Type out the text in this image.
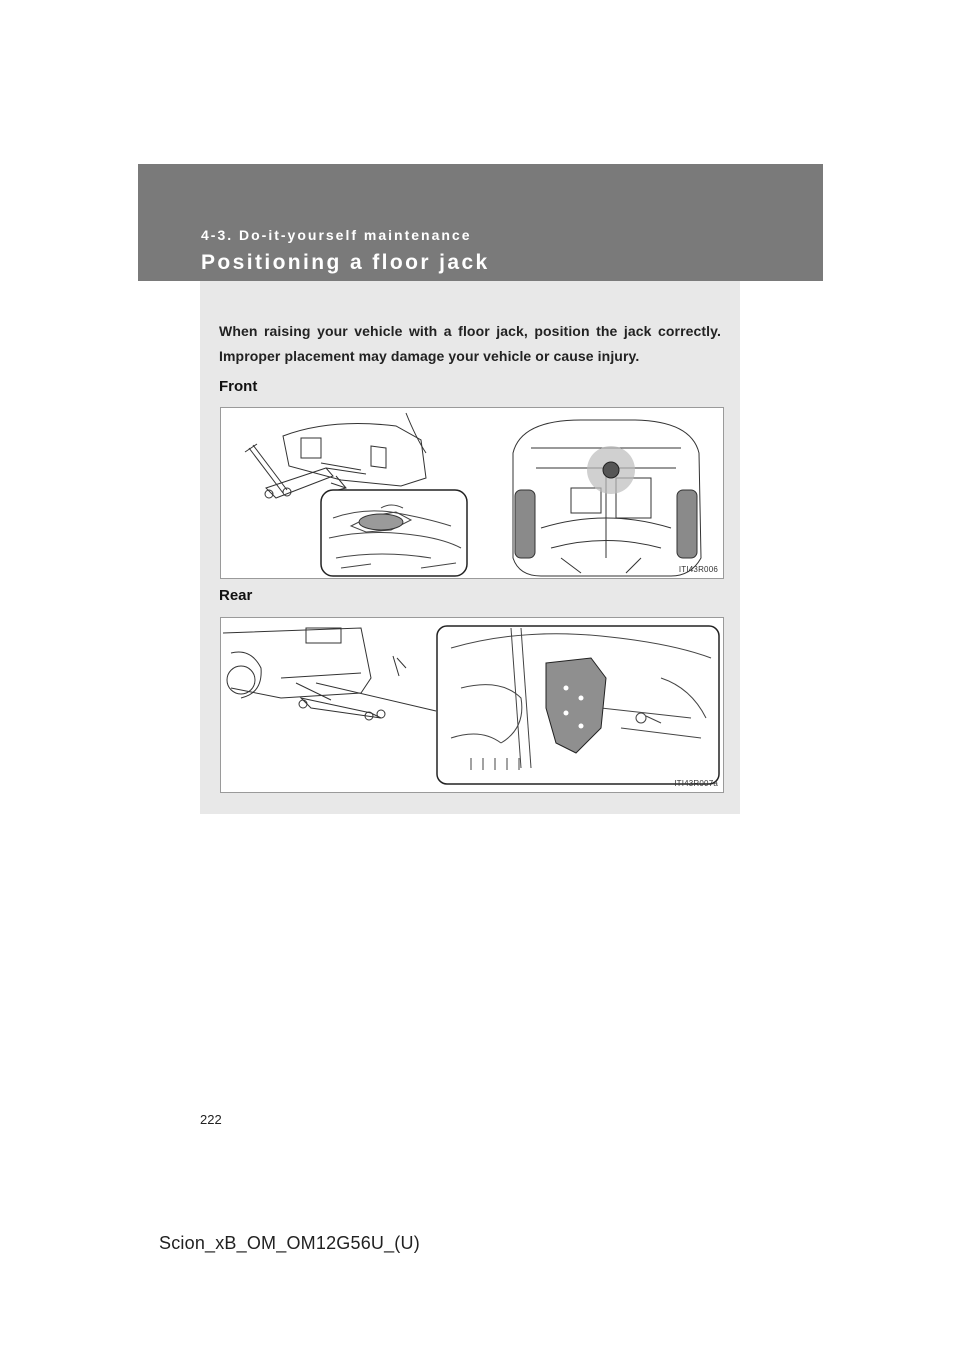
4-3. Do-it-yourself maintenance
Positioning a floor jack
When raising your vehicle with a floor jack, position the jack correctly. Improper placement may damage your vehicle or cause injury.
Front
ITI43R006
Rear
ITI43R007a
222
Scion_xB_OM_OM12G56U_(U)
